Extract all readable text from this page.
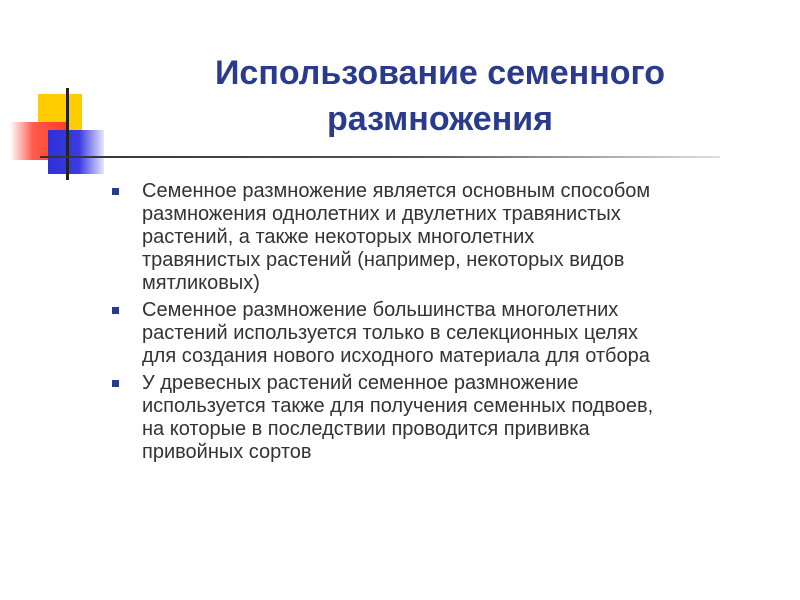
Использование семенного
размножения
Семенное размножение является основным способом
размножения однолетних и двулетних травянистых
растений, а также некоторых многолетних
травянистых растений (например, некоторых видов
мятликовых)
Семенное размножение большинства многолетних
растений используется только в селекционных целях
для создания нового исходного материала для отбора
У древесных растений семенное размножение
используется также для получения семенных подвоев,
на которые в последствии проводится прививка
привойных сортов
